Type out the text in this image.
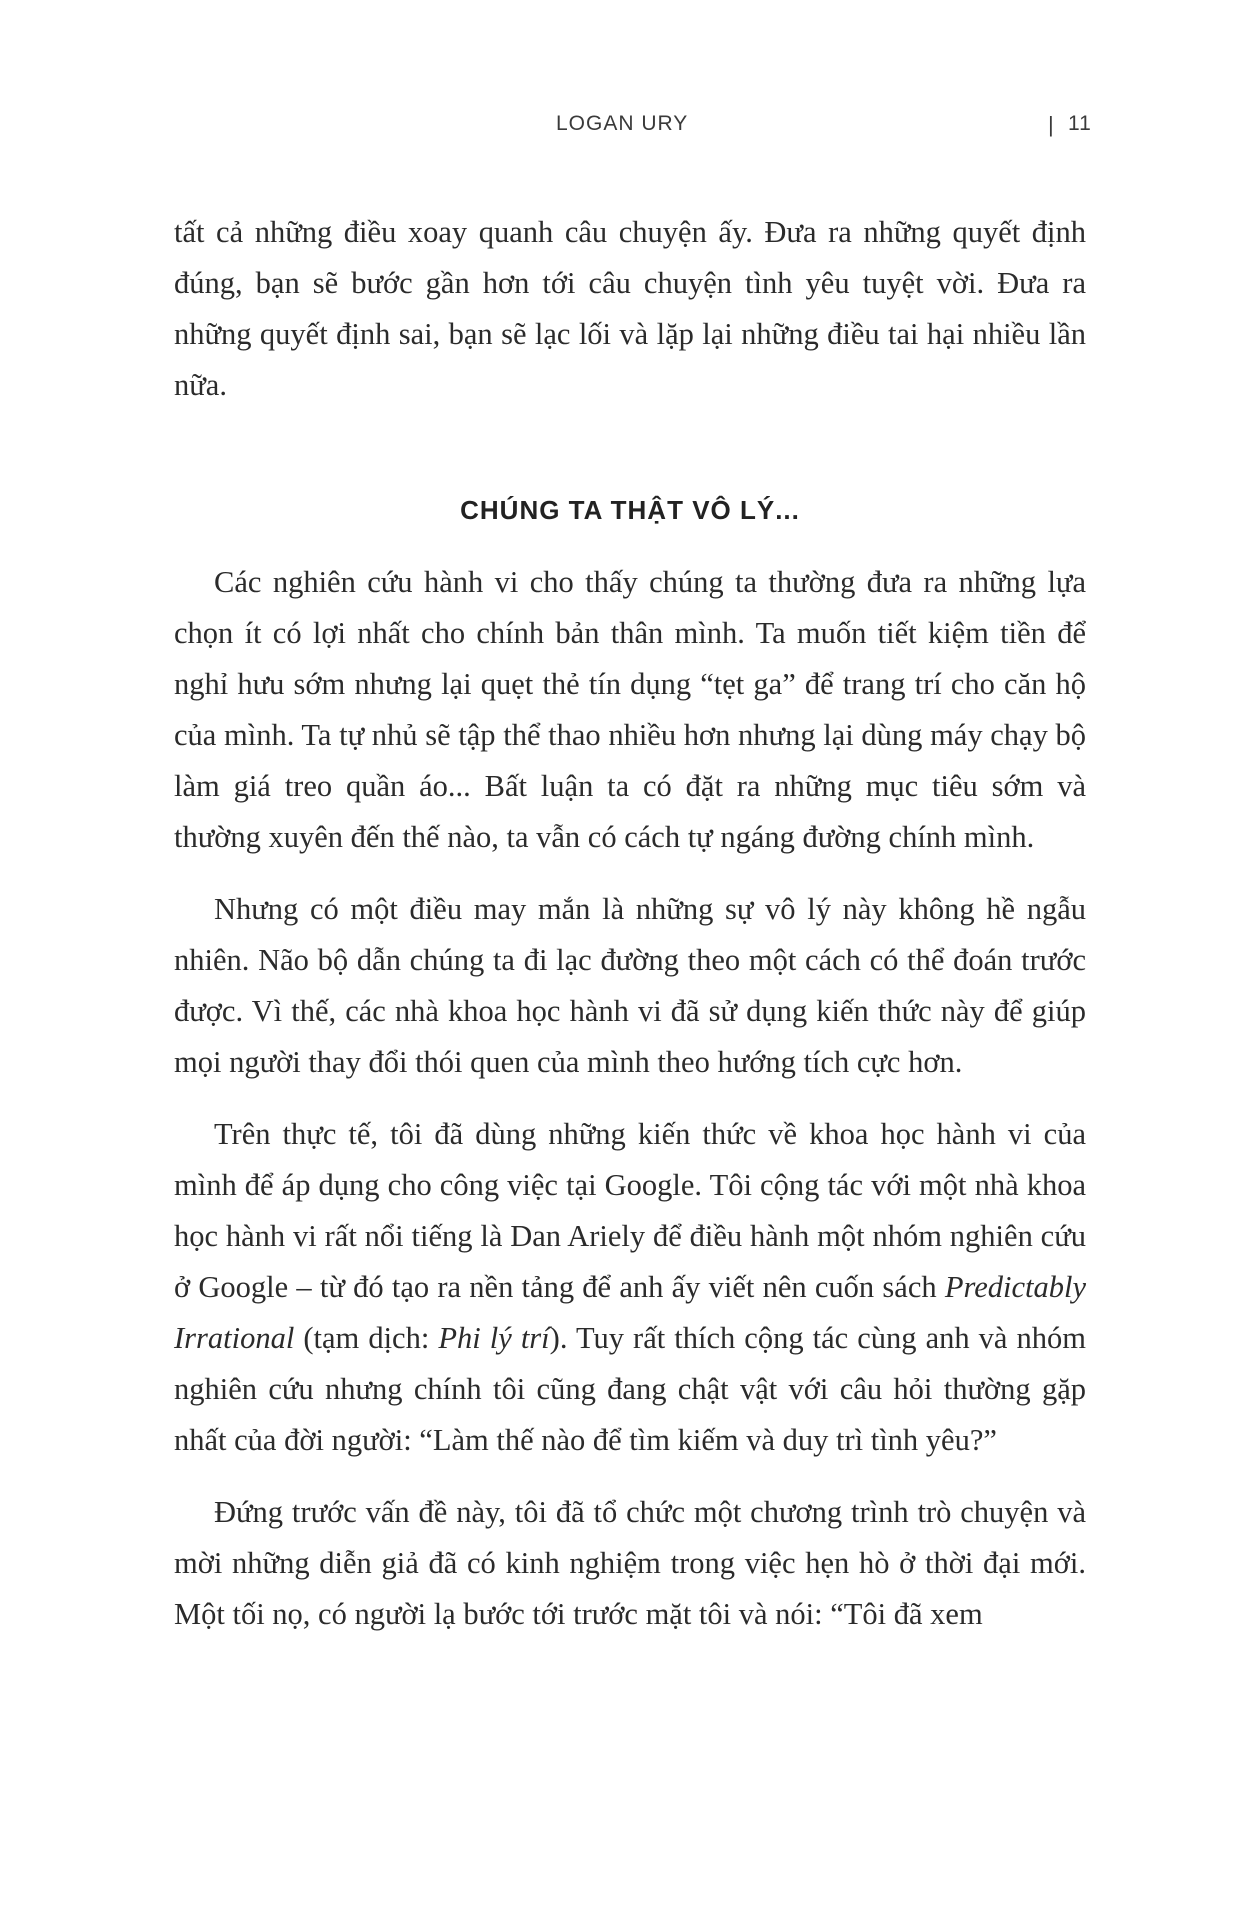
LOGAN URY	| 11

tất cả những điều xoay quanh câu chuyện ấy. Đưa ra những quyết định đúng, bạn sẽ bước gần hơn tới câu chuyện tình yêu tuyệt vời. Đưa ra những quyết định sai, bạn sẽ lạc lối và lặp lại những điều tai hại nhiều lần nữa.

CHÚNG TA THẬT VÔ LÝ...

Các nghiên cứu hành vi cho thấy chúng ta thường đưa ra những lựa chọn ít có lợi nhất cho chính bản thân mình. Ta muốn tiết kiệm tiền để nghỉ hưu sớm nhưng lại quẹt thẻ tín dụng “tẹt ga” để trang trí cho căn hộ của mình. Ta tự nhủ sẽ tập thể thao nhiều hơn nhưng lại dùng máy chạy bộ làm giá treo quần áo... Bất luận ta có đặt ra những mục tiêu sớm và thường xuyên đến thế nào, ta vẫn có cách tự ngáng đường chính mình.

Nhưng có một điều may mắn là những sự vô lý này không hề ngẫu nhiên. Não bộ dẫn chúng ta đi lạc đường theo một cách có thể đoán trước được. Vì thế, các nhà khoa học hành vi đã sử dụng kiến thức này để giúp mọi người thay đổi thói quen của mình theo hướng tích cực hơn.

Trên thực tế, tôi đã dùng những kiến thức về khoa học hành vi của mình để áp dụng cho công việc tại Google. Tôi cộng tác với một nhà khoa học hành vi rất nổi tiếng là Dan Ariely để điều hành một nhóm nghiên cứu ở Google – từ đó tạo ra nền tảng để anh ấy viết nên cuốn sách Predictably Irrational (tạm dịch: Phi lý trí). Tuy rất thích cộng tác cùng anh và nhóm nghiên cứu nhưng chính tôi cũng đang chật vật với câu hỏi thường gặp nhất của đời người: “Làm thế nào để tìm kiếm và duy trì tình yêu?”

Đứng trước vấn đề này, tôi đã tổ chức một chương trình trò chuyện và mời những diễn giả đã có kinh nghiệm trong việc hẹn hò ở thời đại mới. Một tối nọ, có người lạ bước tới trước mặt tôi và nói: “Tôi đã xem
